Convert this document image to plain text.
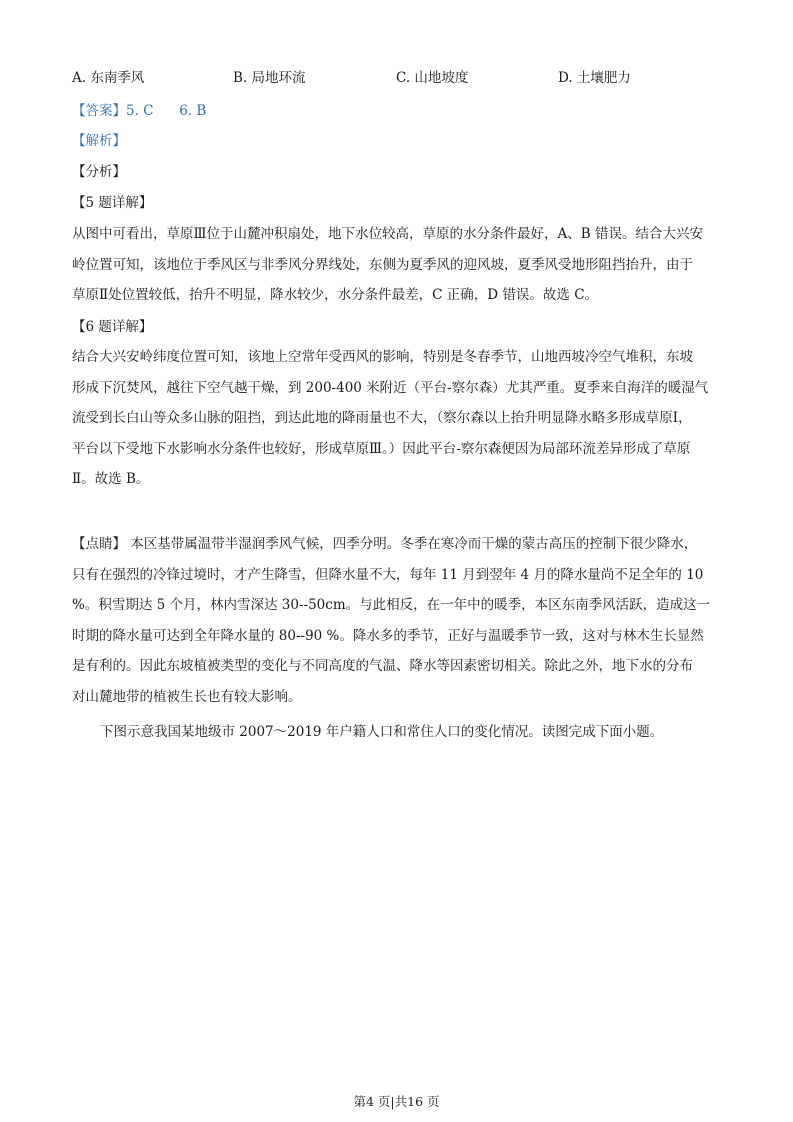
A. 东南季风	B. 局地环流	C. 山地坡度	D. 土壤肥力
【答案】5. C      6. B
【解析】
【分析】
【5 题详解】

从图中可看出，草原Ⅲ位于山麓冲积扇处，地下水位较高，草原的水分条件最好，A、B 错误。结合大兴安

岭位置可知，该地位于季风区与非季风分界线处，东侧为夏季风的迎风坡，夏季风受地形阻挡抬升，由于

草原Ⅱ处位置较低，抬升不明显，降水较少，水分条件最差，C 正确，D 错误。故选 C。

【6 题详解】

结合大兴安岭纬度位置可知，该地上空常年受西风的影响，特别是冬春季节，山地西坡冷空气堆积，东坡

形成下沉焚风，越往下空气越干燥，到 200-400 米附近（平台-察尔森）尤其严重。夏季来自海洋的暖湿气

流受到长白山等众多山脉的阻挡，到达此地的降雨量也不大，（察尔森以上抬升明显降水略多形成草原Ⅰ，

平台以下受地下水影响水分条件也较好，形成草原Ⅲ。）因此平台-察尔森便因为局部环流差异形成了草原

Ⅱ。故选 B。

【点睛】 本区基带属温带半湿润季风气候，四季分明。冬季在寒冷而干燥的蒙古高压的控制下很少降水，

只有在强烈的冷锋过境时，才产生降雪，但降水量不大，每年 11 月到翌年 4 月的降水量尚不足全年的 10

%。积雪期达 5 个月，林内雪深达 30--50cm。与此相反，在一年中的暖季，本区东南季风活跃，造成这一

时期的降水量可达到全年降水量的 80--90 %。降水多的季节，正好与温暖季节一致，这对与林木生长显然

是有利的。因此东坡植被类型的变化与不同高度的气温、降水等因素密切相关。除此之外，地下水的分布

对山麓地带的植被生长也有较大影响。

下图示意我国某地级市 2007～2019 年户籍人口和常住人口的变化情况。读图完成下面小题。
第4 页|共16 页
